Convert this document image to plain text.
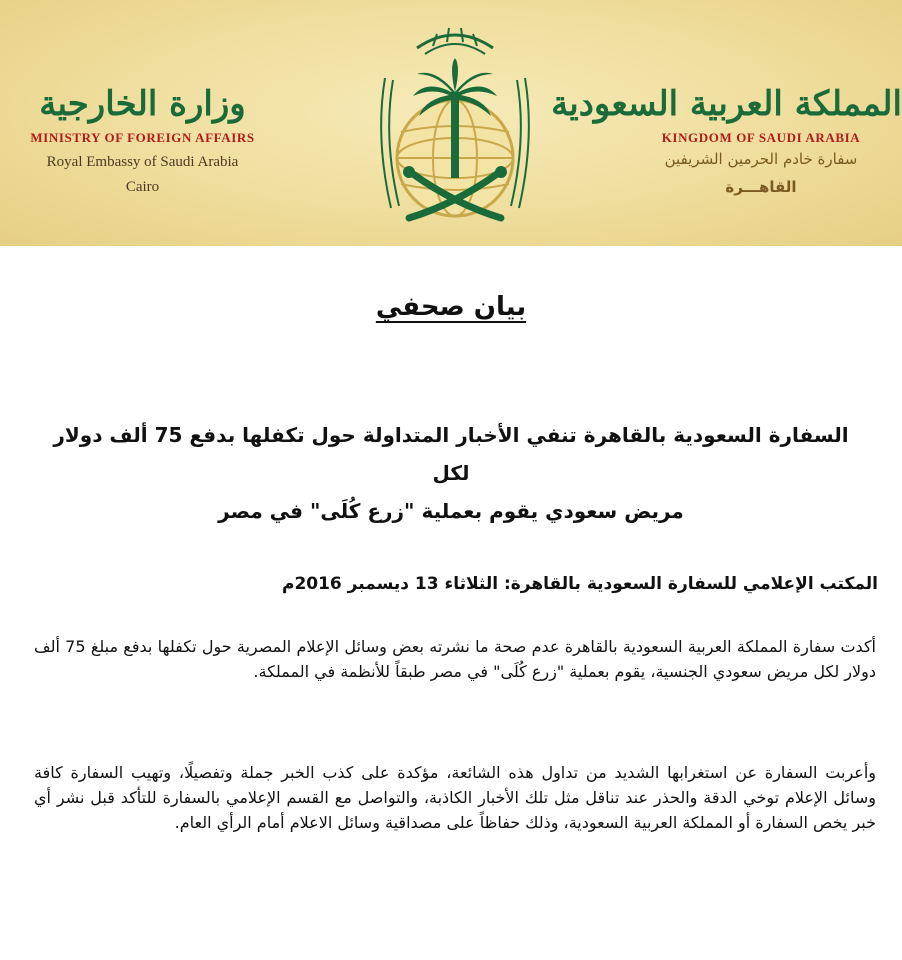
وزارة الخارجية
MINISTRY OF FOREIGN AFFAIRS
Royal Embassy of Saudi Arabia
Cairo
المملكة العربية السعودية
KINGDOM OF SAUDI ARABIA
سفارة خادم الحرمين الشريفين
القاهـــرة
بيان صحفي
السفارة السعودية بالقاهرة تنفي الأخبار المتداولة حول تكفلها بدفع 75 ألف دولار لكل
مريض سعودي يقوم بعملية "زرع كُلَى" في مصر
المكتب الإعلامي للسفارة السعودية بالقاهرة: الثلاثاء 13 ديسمبر 2016م
أكدت سفارة المملكة العربية السعودية بالقاهرة عدم صحة ما نشرته بعض وسائل الإعلام المصرية حول تكفلها بدفع مبلغ 75 ألف دولار لكل مريض سعودي الجنسية، يقوم بعملية "زرع كُلَى" في مصر طبقاً للأنظمة في المملكة.
وأعربت السفارة عن استغرابها الشديد من تداول هذه الشائعة، مؤكدة على كذب الخبر جملة وتفصيلًا، وتهيب السفارة كافة وسائل الإعلام توخي الدقة والحذر عند تناقل مثل تلك الأخبار الكاذبة، والتواصل مع القسم الإعلامي بالسفارة للتأكد قبل نشر أي خبر يخص السفارة أو المملكة العربية السعودية، وذلك حفاظاً على مصداقية وسائل الاعلام أمام الرأي العام.
